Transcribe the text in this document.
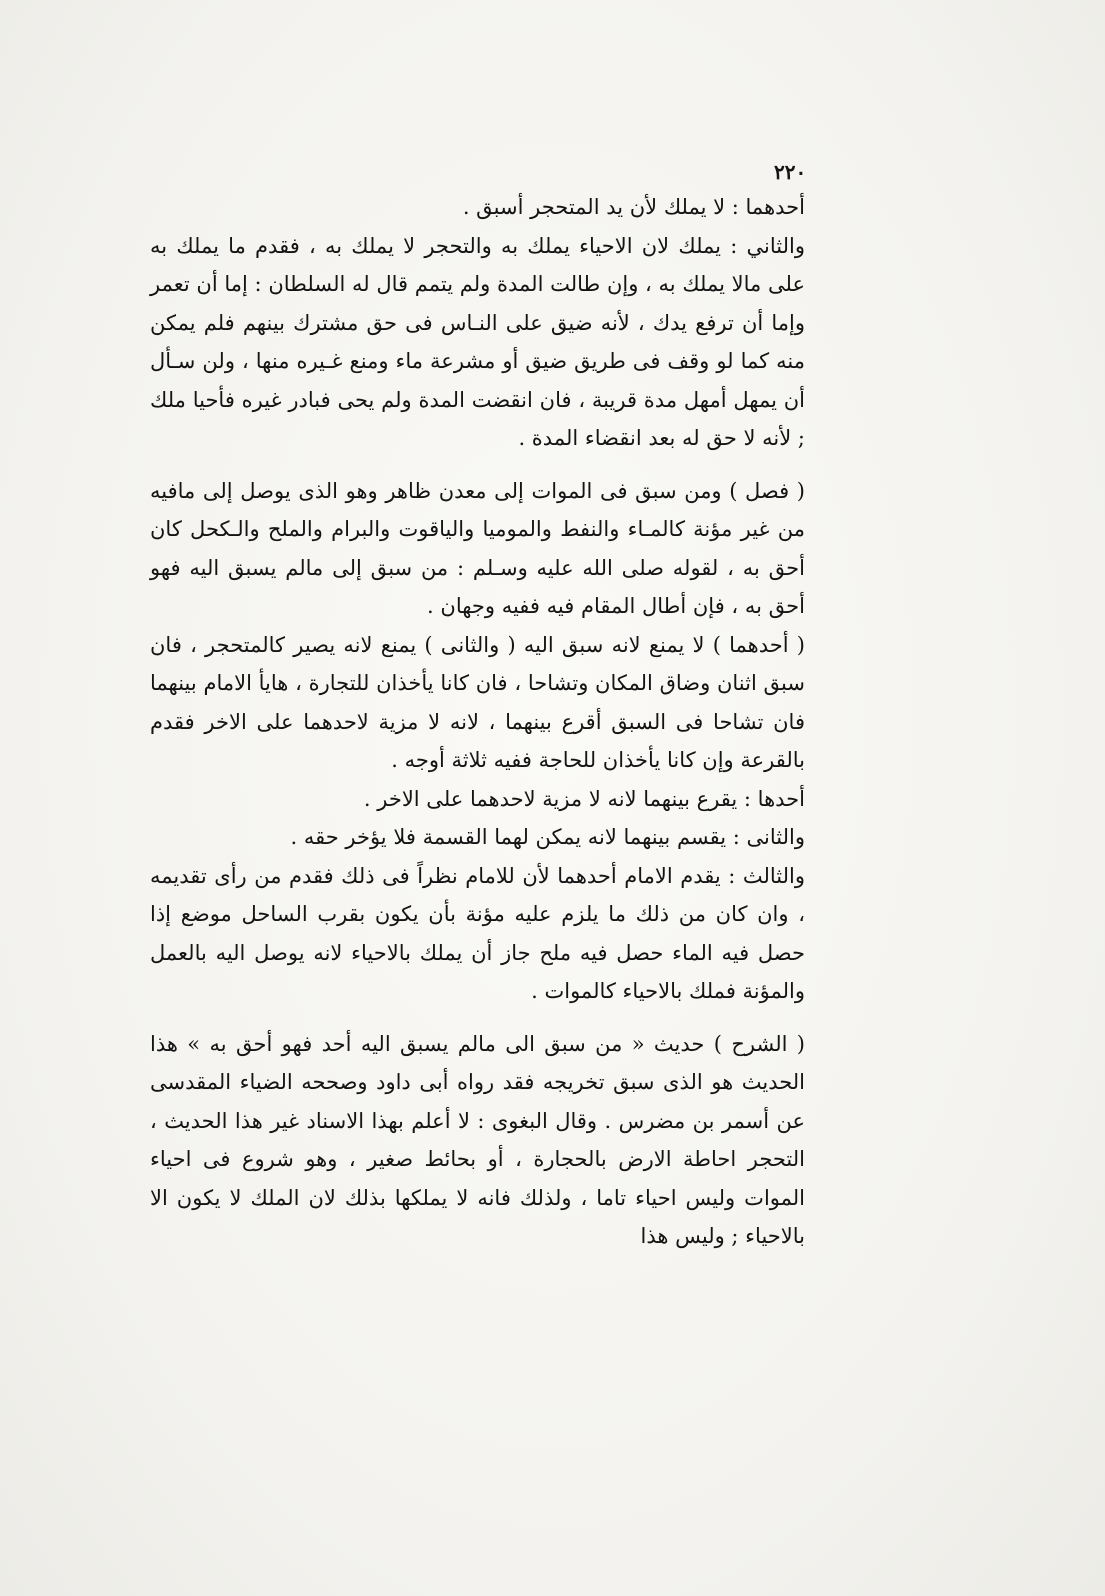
٢٢٠

أحدهما : لا يملك لأن يد المتحجر أسبق .

والثاني : يملك لان الاحياء يملك به والتحجر لا يملك به ، فقدم ما يملك به على مالا يملك به ، وإن طالت المدة ولم يتمم قال له السلطان : إما أن تعمر وإما أن ترفع يدك ، لأنه ضيق على النـاس فى حق مشترك بينهم فلم يمكن منه كما لو وقف فى طريق ضيق أو مشرعة ماء ومنع غـيره منها ، ولن سـأل أن يمهل أمهل مدة قريبة ، فان انقضت المدة ولم يحى فبادر غيره فأحيا ملك ; لأنه لا حق له بعد انقضاء المدة .

( فصل ) ومن سبق فى الموات إلى معدن ظاهر وهو الذى يوصل إلى مافيه من غير مؤنة كالمـاء والنفط والموميا والياقوت والبرام والملح والـكحل كان أحق به ، لقوله صلى الله عليه وسـلم : من سبق إلى مالم يسبق اليه فهو أحق به ، فإن أطال المقام فيه ففيه وجهان .

( أحدهما ) لا يمنع لانه سبق اليه ( والثانى ) يمنع لانه يصير كالمتحجر ، فان سبق اثنان وضاق المكان وتشاحا ، فان كانا يأخذان للتجارة ، هايأ الامام بينهما فان تشاحا فى السبق أقرع بينهما ، لانه لا مزية لاحدهما على الاخر فقدم بالقرعة وإن كانا يأخذان للحاجة ففيه ثلاثة أوجه .

أحدها : يقرع بينهما لانه لا مزية لاحدهما على الاخر .

والثانى : يقسم بينهما لانه يمكن لهما القسمة فلا يؤخر حقه .

والثالث : يقدم الامام أحدهما لأن للامام نظراً فى ذلك فقدم من رأى تقديمه ، وان كان من ذلك ما يلزم عليه مؤنة بأن يكون بقرب الساحل موضع إذا حصل فيه الماء حصل فيه ملح جاز أن يملك بالاحياء لانه يوصل اليه بالعمل والمؤنة فملك بالاحياء كالموات .

( الشرح ) حديث « من سبق الى مالم يسبق اليه أحد فهو أحق به » هذا الحديث هو الذى سبق تخريجه فقد رواه أبى داود وصححه الضياء المقدسى عن أسمر بن مضرس . وقال البغوى : لا أعلم بهذا الاسناد غير هذا الحديث ، التحجر احاطة الارض بالحجارة ، أو بحائط صغير ، وهو شروع فى احياء الموات وليس احياء تاما ، ولذلك فانه لا يملكها بذلك لان الملك لا يكون الا بالاحياء ; وليس هذا
